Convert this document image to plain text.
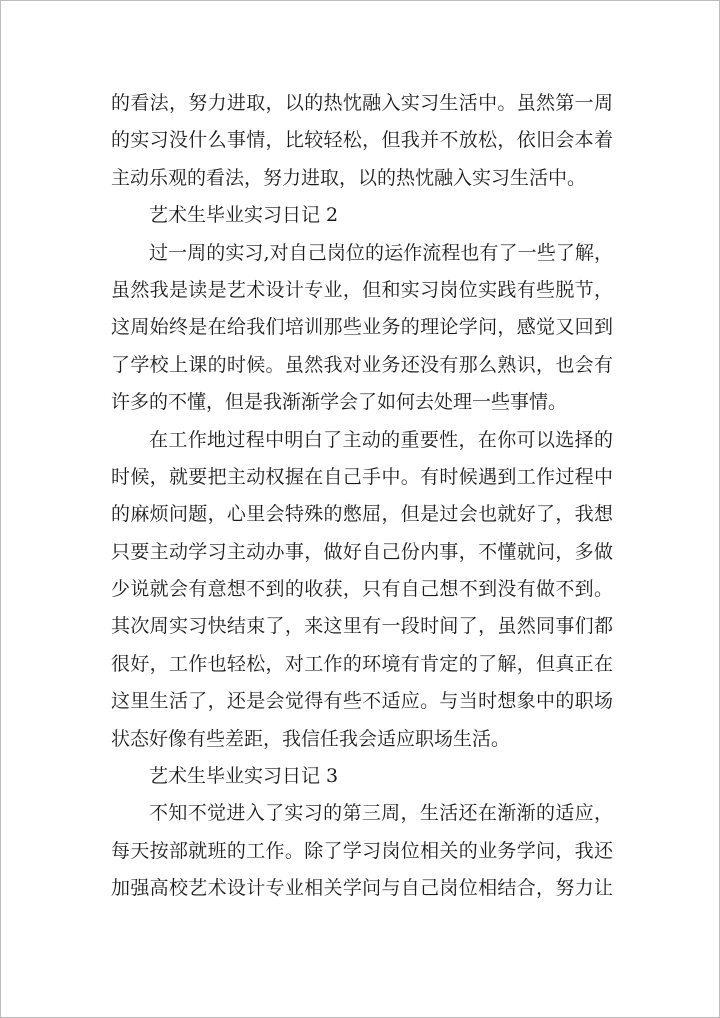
的看法，努力进取，以的热忱融入实习生活中。虽然第一周
的实习没什么事情，比较轻松，但我并不放松，依旧会本着
主动乐观的看法，努力进取，以的热忱融入实习生活中。
艺术生毕业实习日记 2
过一周的实习,对自己岗位的运作流程也有了一些了解，
虽然我是读是艺术设计专业，但和实习岗位实践有些脱节，
这周始终是在给我们培训那些业务的理论学问，感觉又回到
了学校上课的时候。虽然我对业务还没有那么熟识，也会有
许多的不懂，但是我渐渐学会了如何去处理一些事情。
在工作地过程中明白了主动的重要性，在你可以选择的
时候，就要把主动权握在自己手中。有时候遇到工作过程中
的麻烦问题，心里会特殊的憋屈，但是过会也就好了，我想
只要主动学习主动办事，做好自己份内事，不懂就问，多做
少说就会有意想不到的收获，只有自己想不到没有做不到。
其次周实习快结束了，来这里有一段时间了，虽然同事们都
很好，工作也轻松，对工作的环境有肯定的了解，但真正在
这里生活了，还是会觉得有些不适应。与当时想象中的职场
状态好像有些差距，我信任我会适应职场生活。
艺术生毕业实习日记 3
不知不觉进入了实习的第三周，生活还在渐渐的适应，
每天按部就班的工作。除了学习岗位相关的业务学问，我还
加强高校艺术设计专业相关学问与自己岗位相结合，努力让
